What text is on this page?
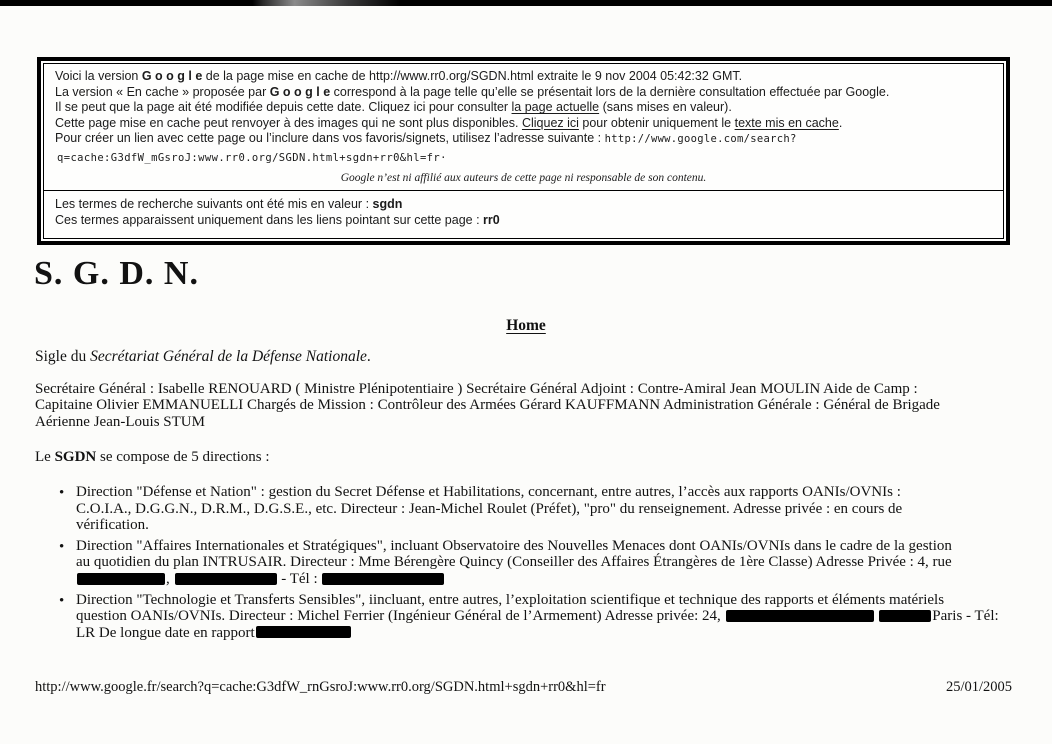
Voici la version G o o g l e de la page mise en cache de http://www.rr0.org/SGDN.html extraite le 9 nov 2004 05:42:32 GMT.
La version « En cache » proposée par G o o g l e correspond à la page telle qu’elle se présentait lors de la dernière consultation effectuée par Google.
Il se peut que la page ait été modifiée depuis cette date. Cliquez ici pour consulter la page actuelle (sans mises en valeur).
Cette page mise en cache peut renvoyer à des images qui ne sont plus disponibles. Cliquez ici pour obtenir uniquement le texte mis en cache.
Pour créer un lien avec cette page ou l’inclure dans vos favoris/signets, utilisez l’adresse suivante : http://www.google.com/search?
q=cache:G3dfW_mGsroJ:www.rr0.org/SGDN.html+sgdn+rr0&hl=fr·
Google n’est ni affilié aux auteurs de cette page ni responsable de son contenu.
Les termes de recherche suivants ont été mis en valeur : sgdn
Ces termes apparaissent uniquement dans les liens pointant sur cette page : rr0
S. G. D. N.
Home
Sigle du Secrétariat Général de la Défense Nationale.
Secrétaire Général : Isabelle RENOUARD ( Ministre Plénipotentiaire ) Secrétaire Général Adjoint : Contre-Amiral Jean MOULIN Aide de Camp :
Capitaine Olivier EMMANUELLI Chargés de Mission : Contrôleur des Armées Gérard KAUFFMANN Administration Générale : Général de Brigade
Aérienne Jean-Louis STUM
Le SGDN se compose de 5 directions :
• Direction "Défense et Nation" : gestion du Secret Défense et Habilitations, concernant, entre autres, l’accès aux rapports OANIs/OVNIs :
C.O.I.A., D.G.G.N., D.R.M., D.G.S.E., etc. Directeur : Jean-Michel Roulet (Préfet), "pro" du renseignement. Adresse privée : en cours de
vérification.
• Direction "Affaires Internationales et Stratégiques", incluant Observatoire des Nouvelles Menaces dont OANIs/OVNIs dans le cadre de la gestion
au quotidien du plan INTRUSAIR. Directeur : Mme Bérengère Quincy (Conseiller des Affaires Étrangères de 1ère Classe) Adresse Privée : 4, rue
,	- Tél :
• Direction "Technologie et Transferts Sensibles", iincluant, entre autres, l’exploitation scientifique et technique des rapports et éléments matériels
question OANIs/OVNIs. Directeur : Michel Ferrier (Ingénieur Général de l’Armement) Adresse privée: 24,	Paris - Tél:
LR De longue date en rapport
http://www.google.fr/search?q=cache:G3dfW_rnGsroJ:www.rr0.org/SGDN.html+sgdn+rr0&hl=fr	25/01/2005
